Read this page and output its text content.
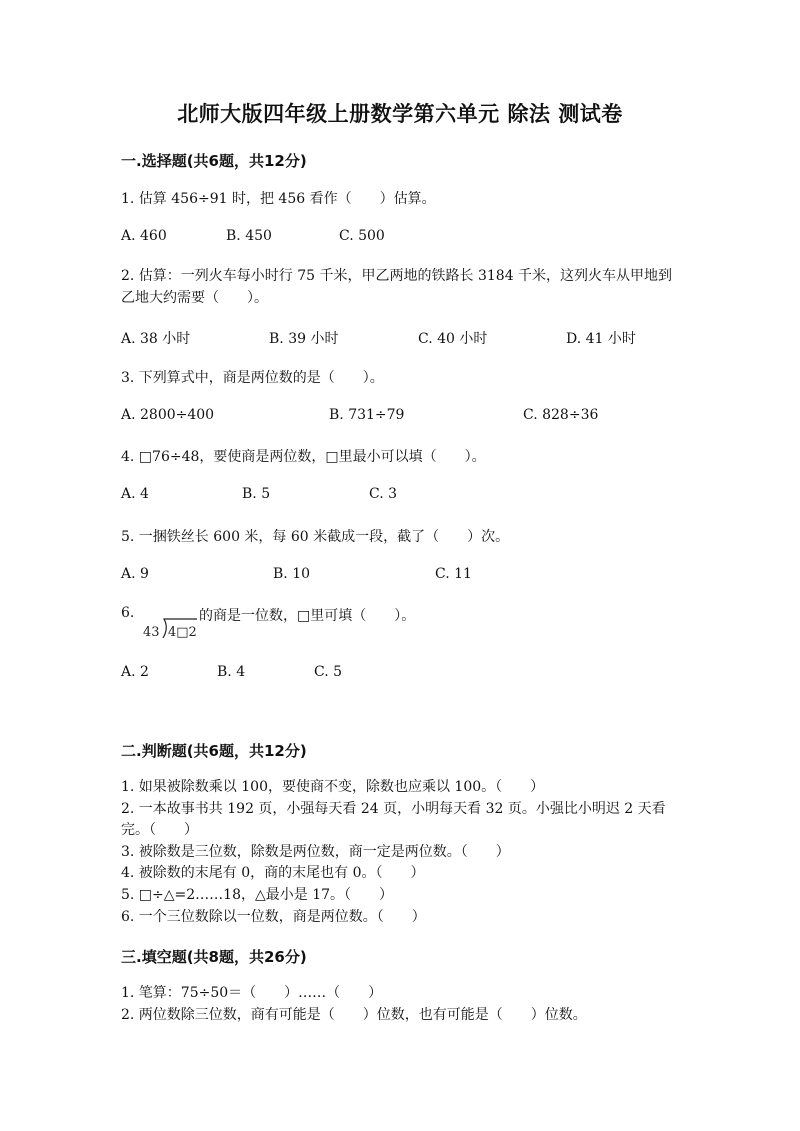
北师大版四年级上册数学第六单元 除法 测试卷
一.选择题(共6题，共12分)
1. 估算 456÷91 时，把 456 看作（　　）估算。
A. 460	B. 450	C. 500
2. 估算：一列火车每小时行 75 千米，甲乙两地的铁路长 3184 千米，这列火车从甲地到乙地大约需要（　　）。
A. 38 小时	B. 39 小时	C. 40 小时	D. 41 小时
3. 下列算式中，商是两位数的是（　　）。
A. 2800÷400	B. 731÷79	C. 828÷36
4. □76÷48，要使商是两位数，□里最小可以填（　　）。
A. 4	B. 5	C. 3
5. 一捆铁丝长 600 米，每 60 米截成一段，截了（　　）次。
A. 9	B. 10	C. 11
6.
43 4□2
的商是一位数，□里可填（　　）。
A. 2	B. 4	C. 5
二.判断题(共6题，共12分)
1. 如果被除数乘以 100，要使商不变，除数也应乘以 100。（　　）
2. 一本故事书共 192 页，小强每天看 24 页，小明每天看 32 页。小强比小明迟 2 天看完。（　　）
3. 被除数是三位数，除数是两位数，商一定是两位数。（　　）
4. 被除数的末尾有 0，商的末尾也有 0。（　　）
5. □÷△=2……18，△最小是 17。（　　）
6. 一个三位数除以一位数，商是两位数。（　　）
三.填空题(共8题，共26分)
1. 笔算：75÷50＝（　　）……（　　）
2. 两位数除三位数，商有可能是（　　）位数，也有可能是（　　）位数。
